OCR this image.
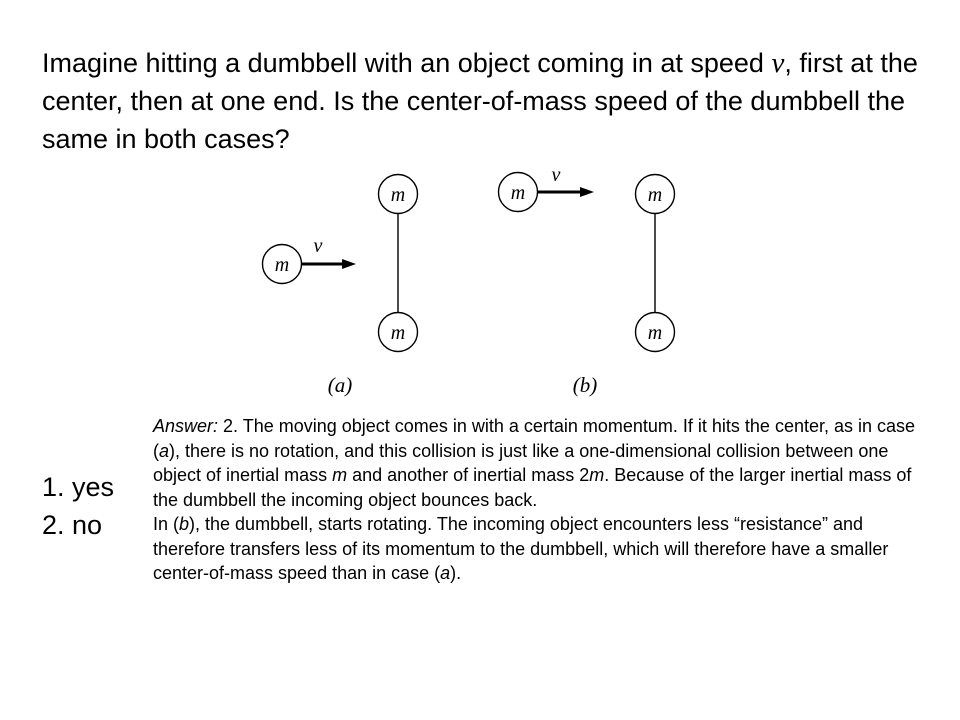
Imagine hitting a dumbbell with an object coming in at speed v, first at the center, then at one end. Is the center-of-mass speed of the dumbbell the same in both cases?

m
m
m
v
(a)
m
m
m
v
(b)
1. yes
2. no

Answer: 2. The moving object comes in with a certain momentum. If it hits the center, as in case (a), there is no rotation, and this collision is just like a one-dimensional collision between one object of inertial mass m and another of inertial mass 2m. Because of the larger inertial mass of the dumbbell the incoming object bounces back.

In (b), the dumbbell, starts rotating. The incoming object encounters less “resistance” and therefore transfers less of its momentum to the dumbbell, which will therefore have a smaller center-of-mass speed than in case (a).
